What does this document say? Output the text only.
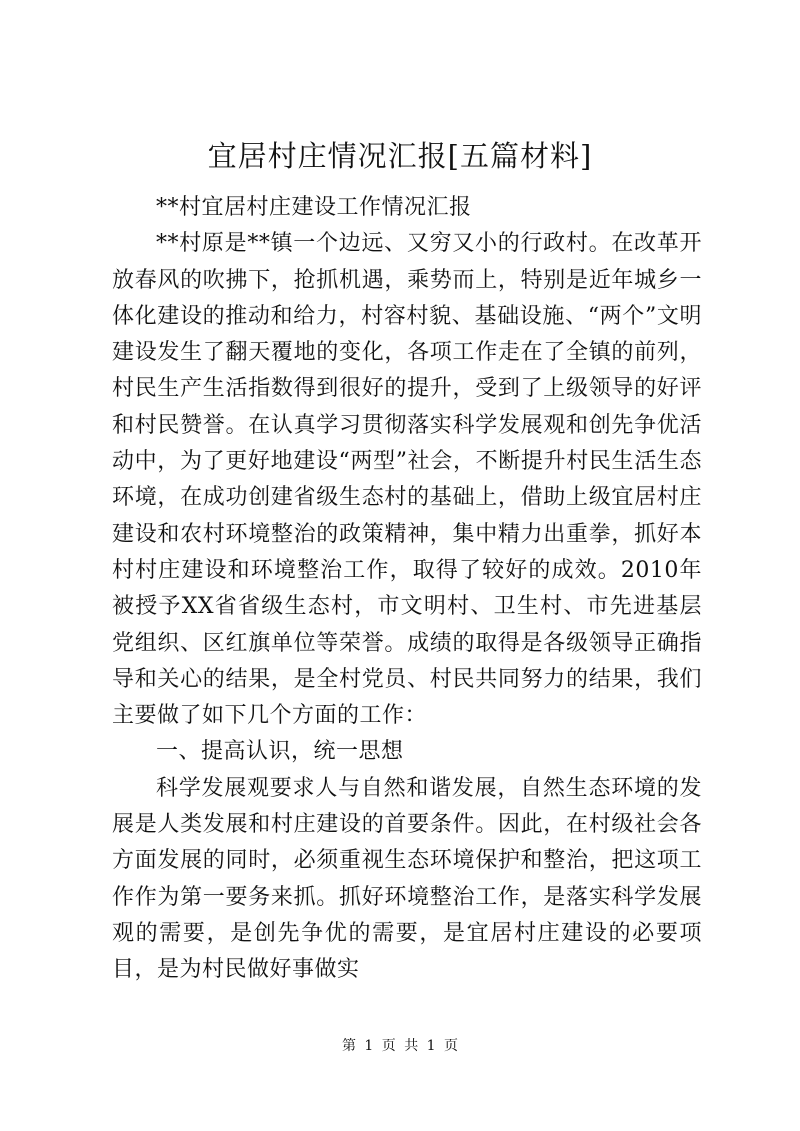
宜居村庄情况汇报[五篇材料]

**村宜居村庄建设工作情况汇报

**村原是**镇一个边远、又穷又小的行政村。在改革开放春风的吹拂下，抢抓机遇，乘势而上，特别是近年城乡一体化建设的推动和给力，村容村貌、基础设施、“两个”文明建设发生了翻天覆地的变化，各项工作走在了全镇的前列，村民生产生活指数得到很好的提升，受到了上级领导的好评和村民赞誉。在认真学习贯彻落实科学发展观和创先争优活动中，为了更好地建设“两型”社会，不断提升村民生活生态环境，在成功创建省级生态村的基础上，借助上级宜居村庄建设和农村环境整治的政策精神，集中精力出重拳，抓好本村村庄建设和环境整治工作，取得了较好的成效。2010年被授予XX省省级生态村，市文明村、卫生村、市先进基层党组织、区红旗单位等荣誉。成绩的取得是各级领导正确指导和关心的结果，是全村党员、村民共同努力的结果，我们主要做了如下几个方面的工作：

一、提高认识，统一思想

科学发展观要求人与自然和谐发展，自然生态环境的发展是人类发展和村庄建设的首要条件。因此，在村级社会各方面发展的同时，必须重视生态环境保护和整治，把这项工作作为第一要务来抓。抓好环境整治工作，是落实科学发展观的需要，是创先争优的需要，是宜居村庄建设的必要项目，是为村民做好事做实

第 1 页 共 1 页
